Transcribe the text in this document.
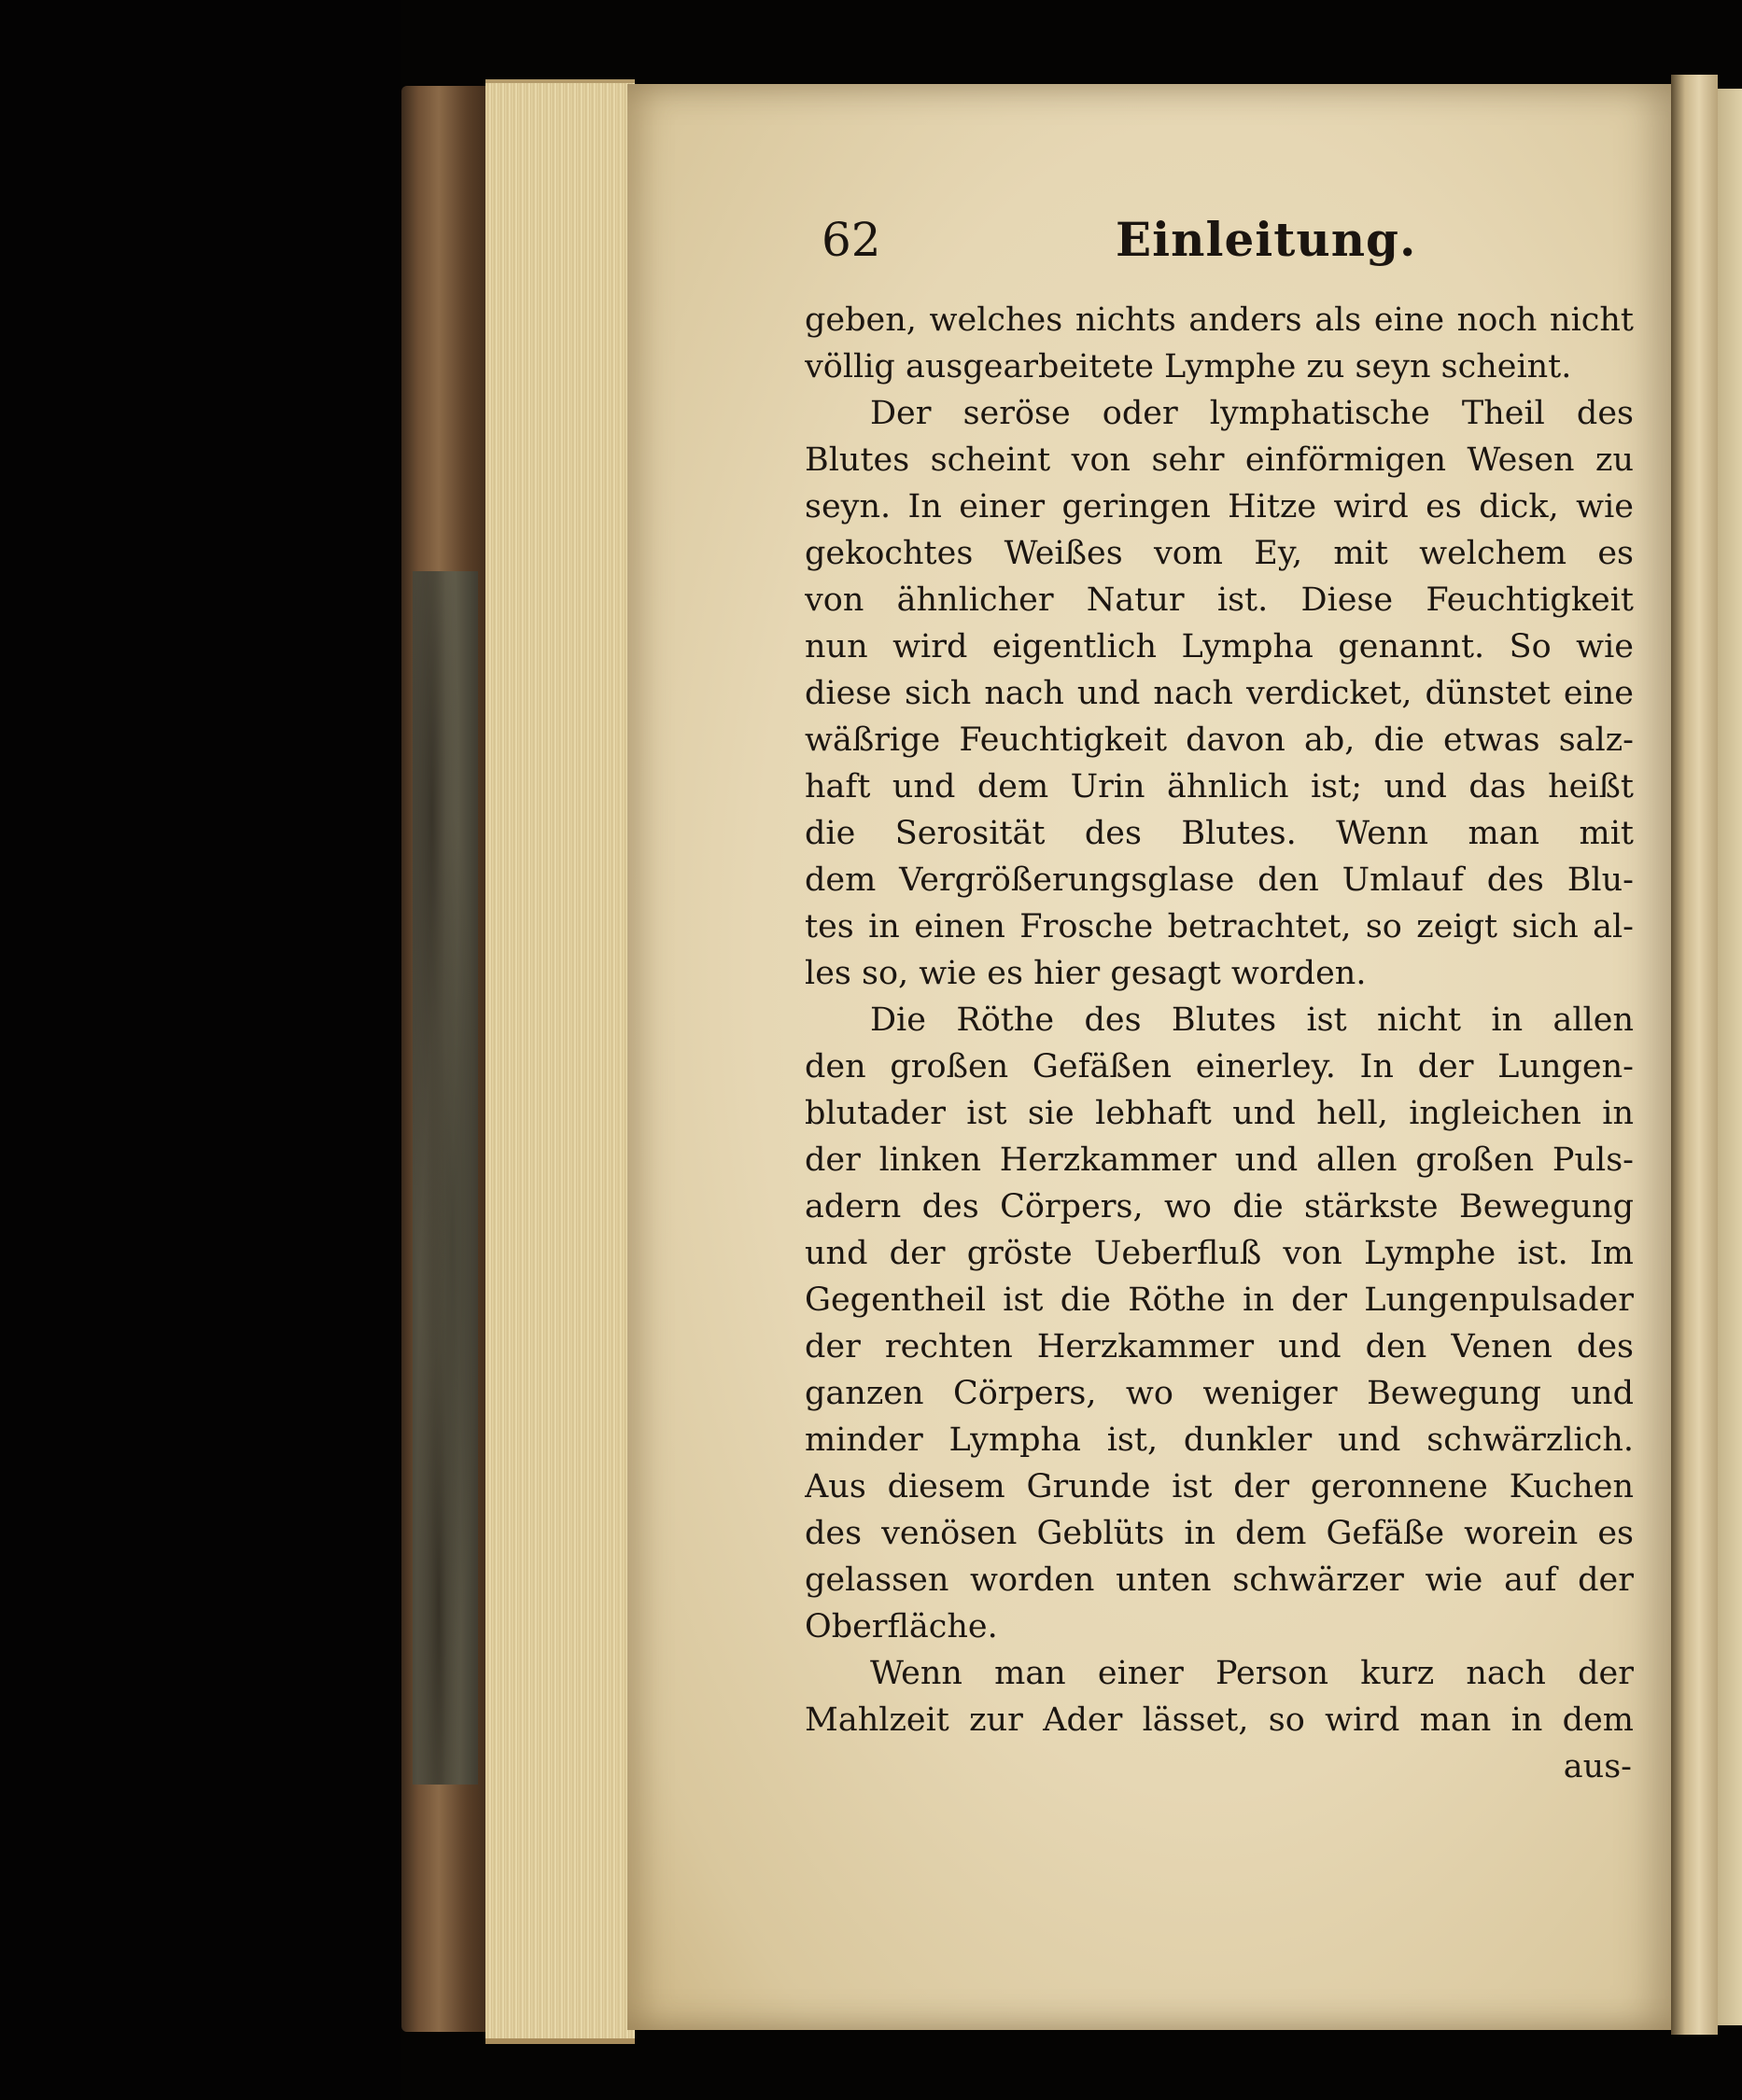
62	Einleitung.
geben, welches nichts anders als eine noch nicht
völlig ausgearbeitete Lymphe zu seyn scheint.
Der seröse oder lymphatische Theil des
Blutes scheint von sehr einförmigen Wesen zu
seyn. In einer geringen Hitze wird es dick, wie
gekochtes Weißes vom Ey, mit welchem es
von ähnlicher Natur ist. Diese Feuchtigkeit
nun wird eigentlich Lympha genannt. So wie
diese sich nach und nach verdicket, dünstet eine
wäßrige Feuchtigkeit davon ab, die etwas salz-
haft und dem Urin ähnlich ist; und das heißt
die Serosität des Blutes. Wenn man mit
dem Vergrößerungsglase den Umlauf des Blu-
tes in einen Frosche betrachtet, so zeigt sich al-
les so, wie es hier gesagt worden.
Die Röthe des Blutes ist nicht in allen
den großen Gefäßen einerley. In der Lungen-
blutader ist sie lebhaft und hell, ingleichen in
der linken Herzkammer und allen großen Puls-
adern des Cörpers, wo die stärkste Bewegung
und der gröste Ueberfluß von Lymphe ist. Im
Gegentheil ist die Röthe in der Lungenpulsader
der rechten Herzkammer und den Venen des
ganzen Cörpers, wo weniger Bewegung und
minder Lympha ist, dunkler und schwärzlich.
Aus diesem Grunde ist der geronnene Kuchen
des venösen Geblüts in dem Gefäße worein es
gelassen worden unten schwärzer wie auf der
Oberfläche.
Wenn man einer Person kurz nach der
Mahlzeit zur Ader lässet, so wird man in dem
aus-
